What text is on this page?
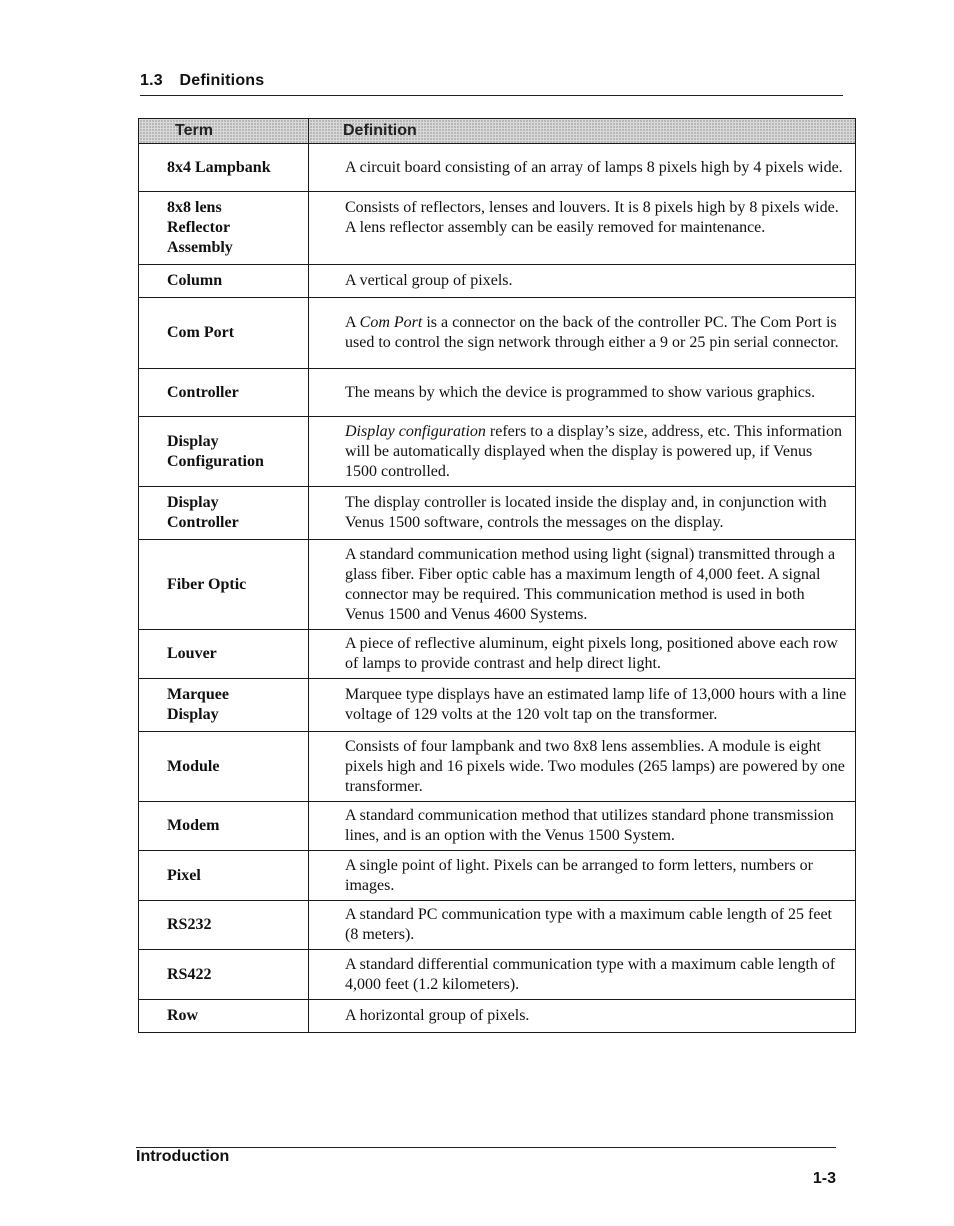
1.3 Definitions
Term	Definition
8x4 Lampbank	A circuit board consisting of an array of lamps 8 pixels high by 4 pixels wide.
8x8 lens
Reflector
Assembly	Consists of reflectors, lenses and louvers. It is 8 pixels high by 8 pixels wide. A lens reflector assembly can be easily removed for maintenance.
Column	A vertical group of pixels.
Com Port	A Com Port is a connector on the back of the controller PC. The Com Port is used to control the sign network through either a 9 or 25 pin serial connector.
Controller	The means by which the device is programmed to show various graphics.
Display
Configuration	Display configuration refers to a display’s size, address, etc. This information will be automatically displayed when the display is powered up, if Venus 1500 controlled.
Display
Controller	The display controller is located inside the display and, in conjunction with Venus 1500 software, controls the messages on the display.
Fiber Optic	A standard communication method using light (signal) transmitted through a glass fiber. Fiber optic cable has a maximum length of 4,000 feet. A signal connector may be required. This communication method is used in both Venus 1500 and Venus 4600 Systems.
Louver	A piece of reflective aluminum, eight pixels long, positioned above each row of lamps to provide contrast and help direct light.
Marquee
Display	Marquee type displays have an estimated lamp life of 13,000 hours with a line voltage of 129 volts at the 120 volt tap on the transformer.
Module	Consists of four lampbank and two 8x8 lens assemblies. A module is eight pixels high and 16 pixels wide. Two modules (265 lamps) are powered by one transformer.
Modem	A standard communication method that utilizes standard phone transmission lines, and is an option with the Venus 1500 System.
Pixel	A single point of light. Pixels can be arranged to form letters, numbers or images.
RS232	A standard PC communication type with a maximum cable length of 25 feet (8 meters).
RS422	A standard differential communication type with a maximum cable length of 4,000 feet (1.2 kilometers).
Row	A horizontal group of pixels.
Introduction
1-3
